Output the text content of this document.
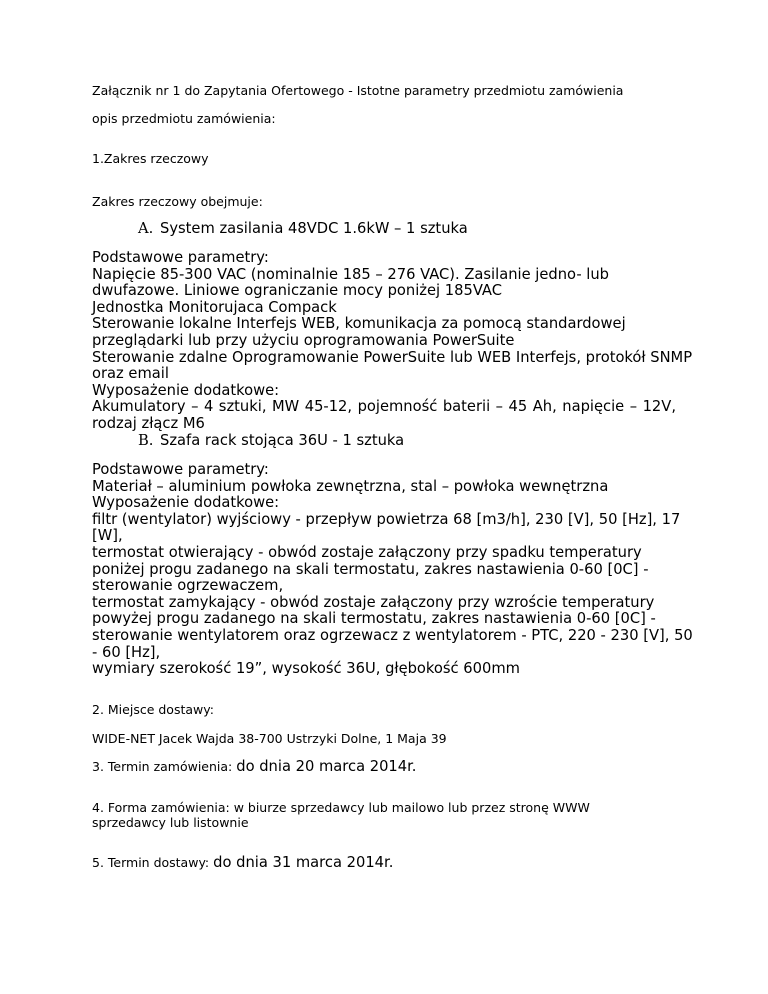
Załącznik nr 1 do Zapytania Ofertowego - Istotne parametry przedmiotu zamówienia

opis przedmiotu zamówienia:

1.Zakres rzeczowy

Zakres rzeczowy obejmuje:

A. System zasilania 48VDC 1.6kW – 1 sztuka

Podstawowe parametry:
Napięcie 85-300 VAC (nominalnie 185 – 276 VAC). Zasilanie jedno- lub
dwufazowe. Liniowe ograniczanie mocy poniżej 185VAC
Jednostka Monitorujaca Compack
Sterowanie lokalne Interfejs WEB, komunikacja za pomocą standardowej
przeglądarki lub przy użyciu oprogramowania PowerSuite
Sterowanie zdalne Oprogramowanie PowerSuite lub WEB Interfejs, protokół SNMP
oraz email
Wyposażenie dodatkowe:
Akumulatory – 4 sztuki, MW 45-12, pojemność baterii – 45 Ah, napięcie – 12V,
rodzaj złącz M6

B. Szafa rack stojąca 36U - 1 sztuka

Podstawowe parametry:
Materiał – aluminium powłoka zewnętrzna, stal – powłoka wewnętrzna
Wyposażenie dodatkowe:
filtr (wentylator) wyjściowy - przepływ powietrza 68 [m3/h], 230 [V], 50 [Hz], 17
[W],
termostat otwierający - obwód zostaje załączony przy spadku temperatury
poniżej progu zadanego na skali termostatu, zakres nastawienia 0-60 [0C] -
sterowanie ogrzewaczem,
termostat zamykający - obwód zostaje załączony przy wzroście temperatury
powyżej progu zadanego na skali termostatu, zakres nastawienia 0-60 [0C] -
sterowanie wentylatorem oraz ogrzewacz z wentylatorem - PTC, 220 - 230 [V], 50
- 60 [Hz],
wymiary szerokość 19”, wysokość 36U, głębokość 600mm

2. Miejsce dostawy:

WIDE-NET Jacek Wajda 38-700 Ustrzyki Dolne, 1 Maja 39

3. Termin zamówienia: do dnia 20 marca 2014r.

4. Forma zamówienia: w biurze sprzedawcy lub mailowo lub przez stronę WWW

sprzedawcy lub listownie

5. Termin dostawy: do dnia 31 marca 2014r.
